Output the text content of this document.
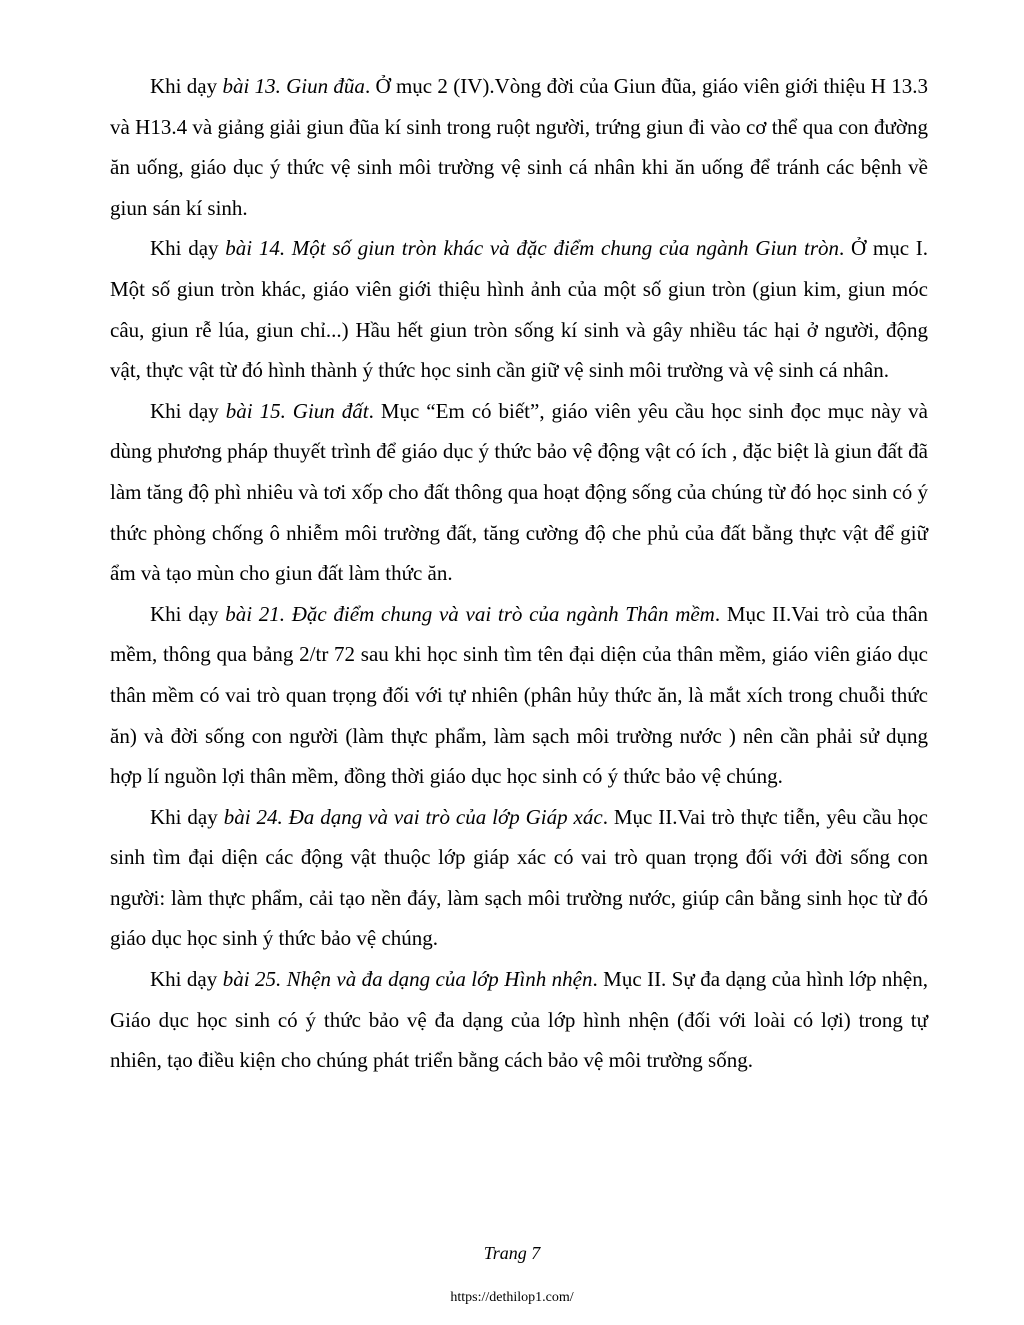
Khi dạy bài 13. Giun đũa. Ở mục 2 (IV).Vòng đời của Giun đũa, giáo viên giới thiệu H 13.3 và H13.4 và giảng giải giun đũa kí sinh trong ruột người, trứng giun đi vào cơ thể qua con đường ăn uống, giáo dục ý thức vệ sinh môi trường vệ sinh cá nhân khi ăn uống để tránh các bệnh về giun sán kí sinh.

Khi dạy bài 14. Một số giun tròn khác và đặc điểm chung của ngành Giun tròn. Ở mục I. Một số giun tròn khác, giáo viên giới thiệu hình ảnh của một số giun tròn (giun kim, giun móc câu, giun rễ lúa, giun chỉ...) Hầu hết giun tròn sống kí sinh và gây nhiều tác hại ở người, động vật, thực vật từ đó hình thành ý thức học sinh cần giữ vệ sinh môi trường và vệ sinh cá nhân.

Khi dạy bài 15. Giun đất. Mục “Em có biết”, giáo viên yêu cầu học sinh đọc mục này và dùng phương pháp thuyết trình để giáo dục ý thức bảo vệ động vật có ích , đặc biệt là giun đất đã làm tăng độ phì nhiêu và tơi xốp cho đất thông qua hoạt động sống của chúng từ đó học sinh có ý thức phòng chống ô nhiễm môi trường đất, tăng cường độ che phủ của đất bằng thực vật để giữ ẩm và tạo mùn cho giun đất làm thức ăn.

Khi dạy bài 21. Đặc điểm chung và vai trò của ngành Thân mềm. Mục II.Vai trò của thân mềm, thông qua bảng 2/tr 72 sau khi học sinh tìm tên đại diện của thân mềm, giáo viên giáo dục thân mềm có vai trò quan trọng đối với tự nhiên (phân hủy thức ăn, là mắt xích trong chuỗi thức ăn) và đời sống con người (làm thực phẩm, làm sạch môi trường nước ) nên cần phải sử dụng hợp lí nguồn lợi thân mềm, đồng thời giáo dục học sinh có ý thức bảo vệ chúng.

Khi dạy bài 24. Đa dạng và vai trò của lớp Giáp xác. Mục II.Vai trò thực tiễn, yêu cầu học sinh tìm đại diện các động vật thuộc lớp giáp xác có vai trò quan trọng đối với đời sống con người: làm thực phẩm, cải tạo nền đáy, làm sạch môi trường nước, giúp cân bằng sinh học từ đó giáo dục học sinh ý thức bảo vệ chúng.

Khi dạy bài 25. Nhện và đa dạng của lớp Hình nhện. Mục II. Sự đa dạng của hình lớp nhện, Giáo dục học sinh có ý thức bảo vệ đa dạng của lớp hình nhện (đối với loài có lợi) trong tự nhiên, tạo điều kiện cho chúng phát triển bằng cách bảo vệ môi trường sống.

Trang 7
https://dethilop1.com/
